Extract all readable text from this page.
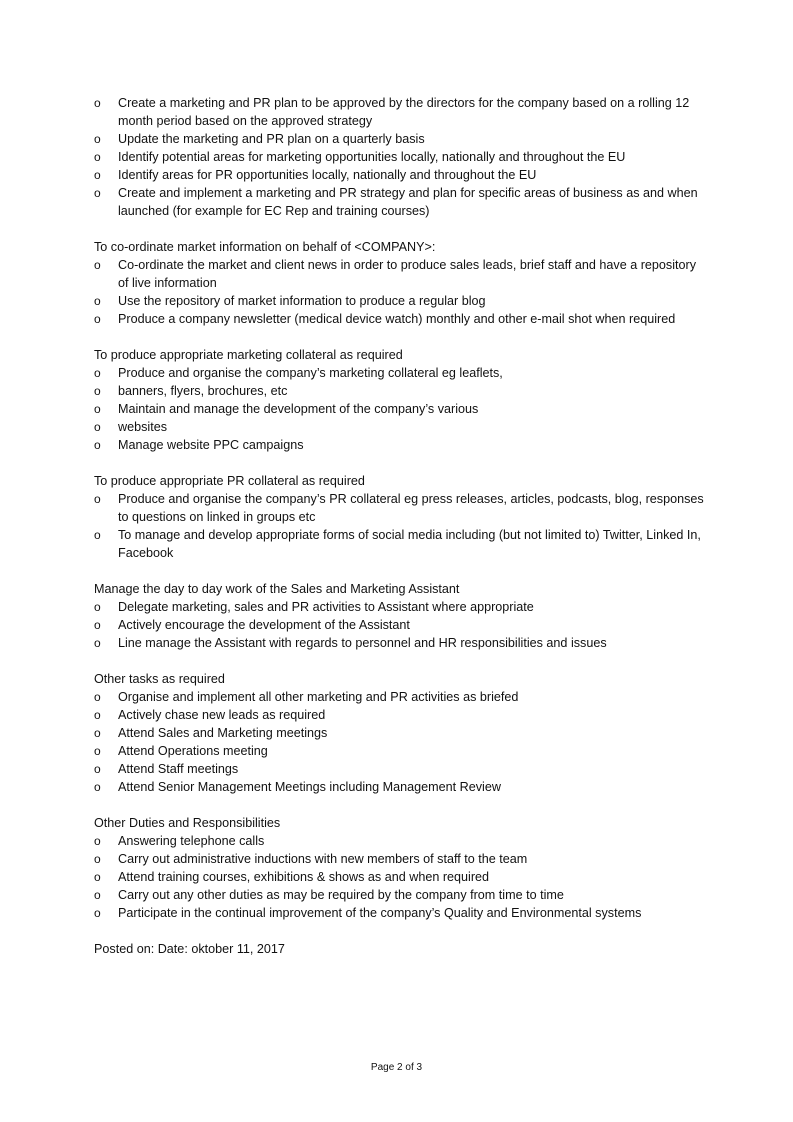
o Create a marketing and PR plan to be approved by the directors for the company based on a rolling 12 month period based on the approved strategy
o Update the marketing and PR plan on a quarterly basis
o Identify potential areas for marketing opportunities locally, nationally and throughout the EU
o Identify areas for PR opportunities locally, nationally and throughout the EU
o Create and implement a marketing and PR strategy and plan for specific areas of business as and when launched (for example for EC Rep and training courses)

To co-ordinate market information on behalf of <COMPANY>:

o Co-ordinate the market and client news in order to produce sales leads, brief staff and have a repository of live information
o Use the repository of market information to produce a regular blog
o Produce a company newsletter (medical device watch) monthly and other e-mail shot when required

To produce appropriate marketing collateral as required

o Produce and organise the company’s marketing collateral eg leaflets,
o banners, flyers, brochures, etc
o Maintain and manage the development of the company’s various
o websites
o Manage website PPC campaigns

To produce appropriate PR collateral as required

o Produce and organise the company’s PR collateral eg press releases, articles, podcasts, blog, responses to questions on linked in groups etc
o To manage and develop appropriate forms of social media including (but not limited to) Twitter, Linked In, Facebook

Manage the day to day work of the Sales and Marketing Assistant

o Delegate marketing, sales and PR activities to Assistant where appropriate
o Actively encourage the development of the Assistant
o Line manage the Assistant with regards to personnel and HR responsibilities and issues

Other tasks as required

o Organise and implement all other marketing and PR activities as briefed
o Actively chase new leads as required
o Attend Sales and Marketing meetings
o Attend Operations meeting
o Attend Staff meetings
o Attend Senior Management Meetings including Management Review

Other Duties and Responsibilities

o Answering telephone calls
o Carry out administrative inductions with new members of staff to the team
o Attend training courses, exhibitions & shows as and when required
o Carry out any other duties as may be required by the company from time to time
o Participate in the continual improvement of the company’s Quality and Environmental systems

Posted on: Date: oktober 11, 2017

Page 2 of 3
